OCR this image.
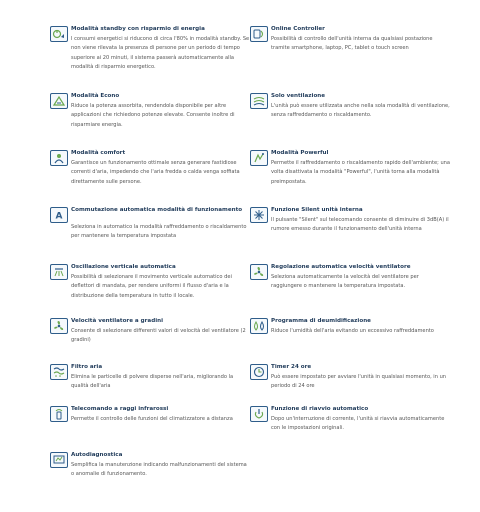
Modalità standby con risparmio di energia
I consumi energetici si riducono di circa l'80% in modalità standby. Se non viene rilevata la presenza di persone per un periodo di tempo superiore ai 20 minuti, il sistema passerà automaticamente alla modalità di risparmio energetico.
Online Controller
Possibilità di controllo dell'unità interna da qualsiasi postazione tramite smartphone, laptop, PC, tablet o touch screen
Modalità Econo
Riduce la potenza assorbita, rendendola disponibile per altre applicazioni che richiedono potenze elevate. Consente inoltre di risparmiare energia.
Solo ventilazione
L'unità può essere utilizzata anche nella sola modalità di ventilazione, senza raffreddamento o riscaldamento.
Modalità comfort
Garantisce un funzionamento ottimale senza generare fastidiose correnti d'aria, impedendo che l'aria fredda o calda venga soffiata direttamente sulle persone.
Modalità Powerful
Permette il raffreddamento o riscaldamento rapido dell'ambiente; una volta disattivata la modalità "Powerful", l'unità torna alla modalità preimpostata.
A
Commutazione automatica modalità di funzionamento
Seleziona in automatico la modalità raffreddamento o riscaldamento per mantenere la temperatura impostata
Funzione Silent unità interna
Il pulsante "Silent" sul telecomando consente di diminuire di 3dB(A) il rumore emesso durante il funzionamento dell'unità interna
Oscillazione verticale automatica
Possibilità di selezionare il movimento verticale automatico dei deflettori di mandata, per rendere uniformi il flusso d'aria e la distribuzione della temperatura in tutto il locale.
Regolazione automatica velocità ventilatore
Seleziona automaticamente la velocità del ventilatore per raggiungere o mantenere la temperatura impostata.
Velocità ventilatore a gradini
Consente di selezionare differenti valori di velocità del ventilatore (2 gradini)
Programma di deumidificazione
Riduce l'umidità dell'aria evitando un eccessivo raffreddamento
Filtro aria
Elimina le particelle di polvere disperse nell'aria, migliorando la qualità dell'aria
Timer 24 ore
Può essere impostato per avviare l'unità in qualsiasi momento, in un periodo di 24 ore
Telecomando a raggi infrarossi
Permette il controllo delle funzioni del climatizzatore a distanza
Funzione di riavvio automatico
Dopo un'interruzione di corrente, l'unità si riavvia automaticamente con le impostazioni originali.
Autodiagnostica
Semplifica la manutenzione indicando malfunzionamenti del sistema o anomalie di funzionamento.
